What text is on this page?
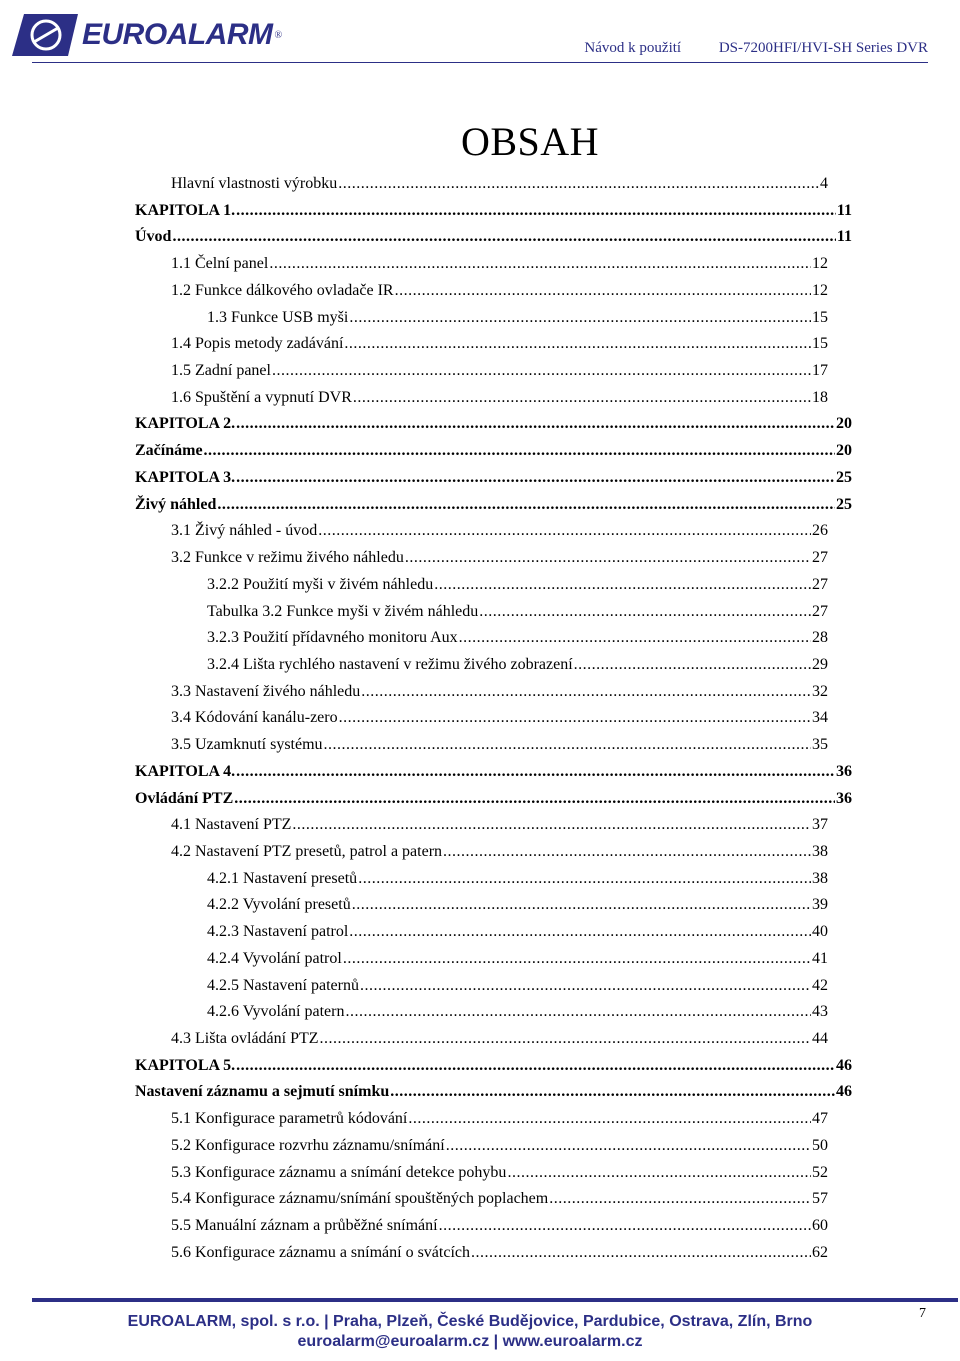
EUROALARM ®
Návod k použití	DS-7200HFI/HVI-SH Series DVR
OBSAH
Hlavní vlastnosti výrobku .....	4
KAPITOLA 1. .....	11
Úvod .....	11
1.1 Čelní panel .....	12
1.2 Funkce dálkového ovladače IR .....	12
1.3 Funkce USB myši .....	15
1.4 Popis metody zadávání .....	15
1.5 Zadní panel .....	17
1.6 Spuštění a vypnutí DVR .....	18
KAPITOLA 2. .....	20
Začínáme .....	20
KAPITOLA 3. .....	25
Živý náhled .....	25
3.1 Živý náhled - úvod .....	26
3.2 Funkce v režimu živého náhledu .....	27
3.2.2 Použití myši v živém náhledu .....	27
Tabulka 3.2 Funkce myši v živém náhledu .....	27
3.2.3 Použití přídavného monitoru Aux .....	28
3.2.4 Lišta rychlého nastavení v režimu živého zobrazení .....	29
3.3 Nastavení živého náhledu .....	32
3.4 Kódování kanálu-zero .....	34
3.5 Uzamknutí systému .....	35
KAPITOLA 4. .....	36
Ovládání PTZ .....	36
4.1 Nastavení PTZ .....	37
4.2 Nastavení PTZ presetů, patrol a patern .....	38
4.2.1 Nastavení presetů .....	38
4.2.2 Vyvolání presetů .....	39
4.2.3 Nastavení patrol .....	40
4.2.4 Vyvolání patrol .....	41
4.2.5 Nastavení paternů .....	42
4.2.6 Vyvolání patern .....	43
4.3 Lišta ovládání PTZ .....	44
KAPITOLA 5. .....	46
Nastavení záznamu a sejmutí snímku .....	46
5.1 Konfigurace parametrů kódování .....	47
5.2 Konfigurace rozvrhu záznamu/snímání .....	50
5.3 Konfigurace záznamu a snímání detekce pohybu .....	52
5.4 Konfigurace záznamu/snímání spouštěných poplachem .....	57
5.5 Manuální záznam a průběžné snímání .....	60
5.6 Konfigurace záznamu a snímání o svátcích .....	62
EUROALARM, spol. s r.o. | Praha, Plzeň, České Budějovice, Pardubice, Ostrava, Zlín, Brno
euroalarm@euroalarm.cz | www.euroalarm.cz
7
